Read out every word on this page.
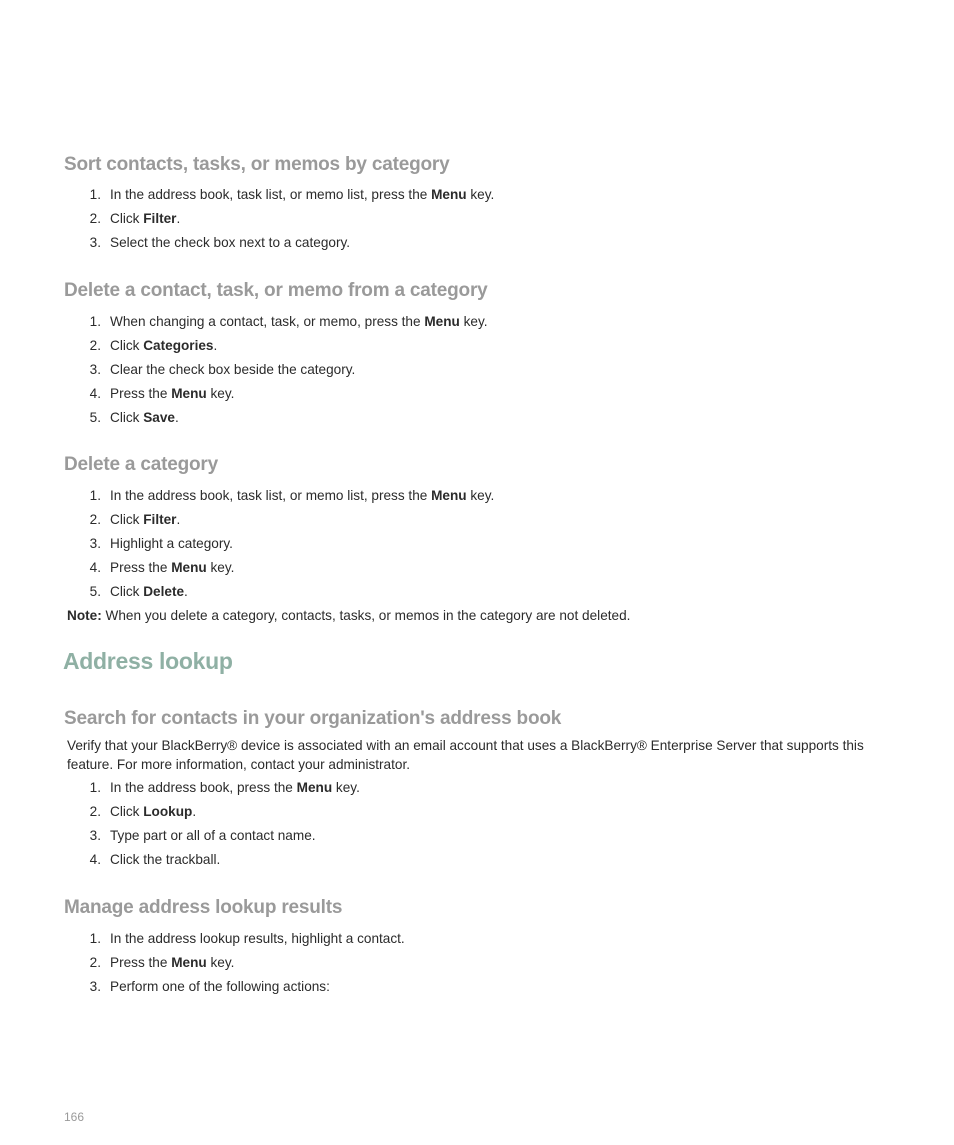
Sort contacts, tasks, or memos by category
1. In the address book, task list, or memo list, press the Menu key.
2. Click Filter.
3. Select the check box next to a category.
Delete a contact, task, or memo from a category
1. When changing a contact, task, or memo, press the Menu key.
2. Click Categories.
3. Clear the check box beside the category.
4. Press the Menu key.
5. Click Save.
Delete a category
1. In the address book, task list, or memo list, press the Menu key.
2. Click Filter.
3. Highlight a category.
4. Press the Menu key.
5. Click Delete.

Note: When you delete a category, contacts, tasks, or memos in the category are not deleted.

Address lookup
Search for contacts in your organization's address book

Verify that your BlackBerry® device is associated with an email account that uses a BlackBerry® Enterprise Server that supports this feature. For more information, contact your administrator.

1. In the address book, press the Menu key.
2. Click Lookup.
3. Type part or all of a contact name.
4. Click the trackball.
Manage address lookup results
1. In the address lookup results, highlight a contact.
2. Press the Menu key.
3. Perform one of the following actions:
166
